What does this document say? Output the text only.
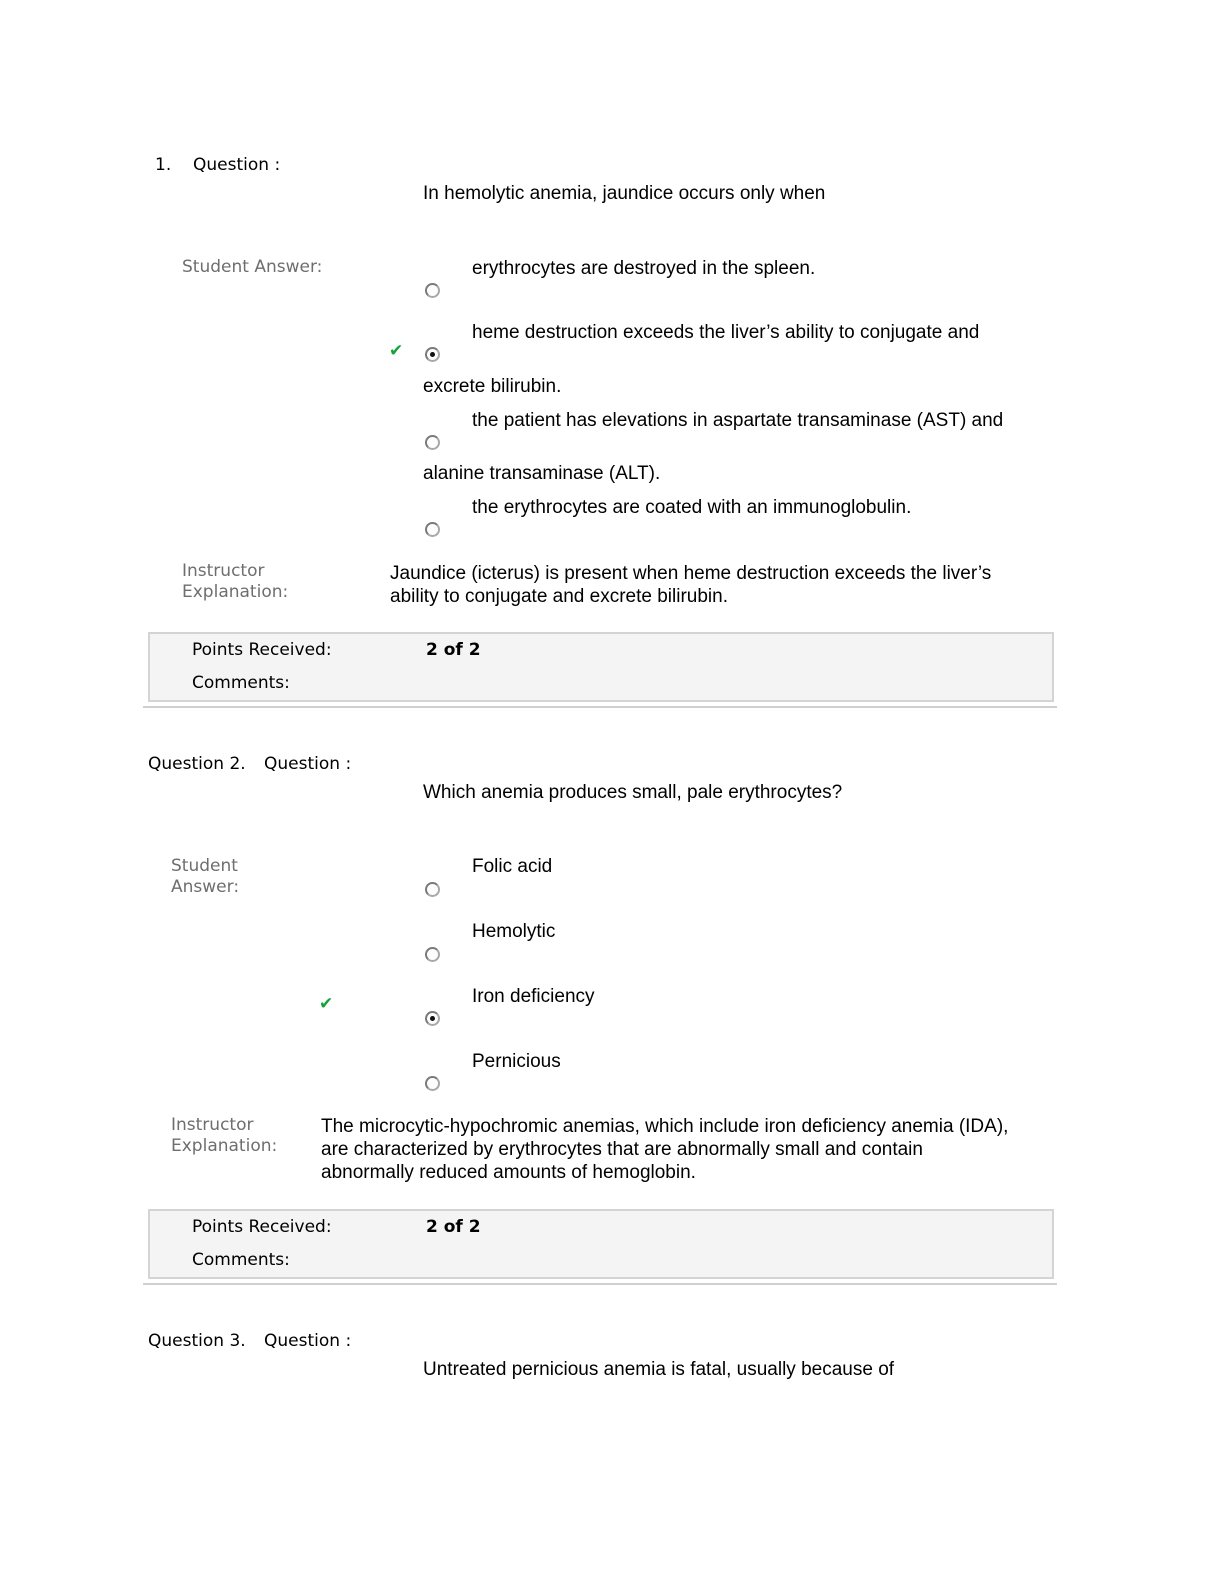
1. Question :
In hemolytic anemia, jaundice occurs only when
Student Answer:	erythrocytes are destroyed in the spleen.
✔
heme destruction exceeds the liver’s ability to conjugate and
excrete bilirubin.
the patient has elevations in aspartate transaminase (AST) and
alanine transaminase (ALT).
the erythrocytes are coated with an immunoglobulin.
Instructor
Explanation:
Jaundice (icterus) is present when heme destruction exceeds the liver’s ability to conjugate and excrete bilirubin.
Points Received:	2 of 2
Comments:
Question 2. Question :
Which anemia produces small, pale erythrocytes?
Student
Answer:
Folic acid
Hemolytic
✔	Iron deficiency
Pernicious
Instructor
Explanation:
The microcytic-hypochromic anemias, which include iron deficiency anemia (IDA), are characterized by erythrocytes that are abnormally small and contain abnormally reduced amounts of hemoglobin.
Points Received:	2 of 2
Comments:
Question 3. Question :
Untreated pernicious anemia is fatal, usually because of
